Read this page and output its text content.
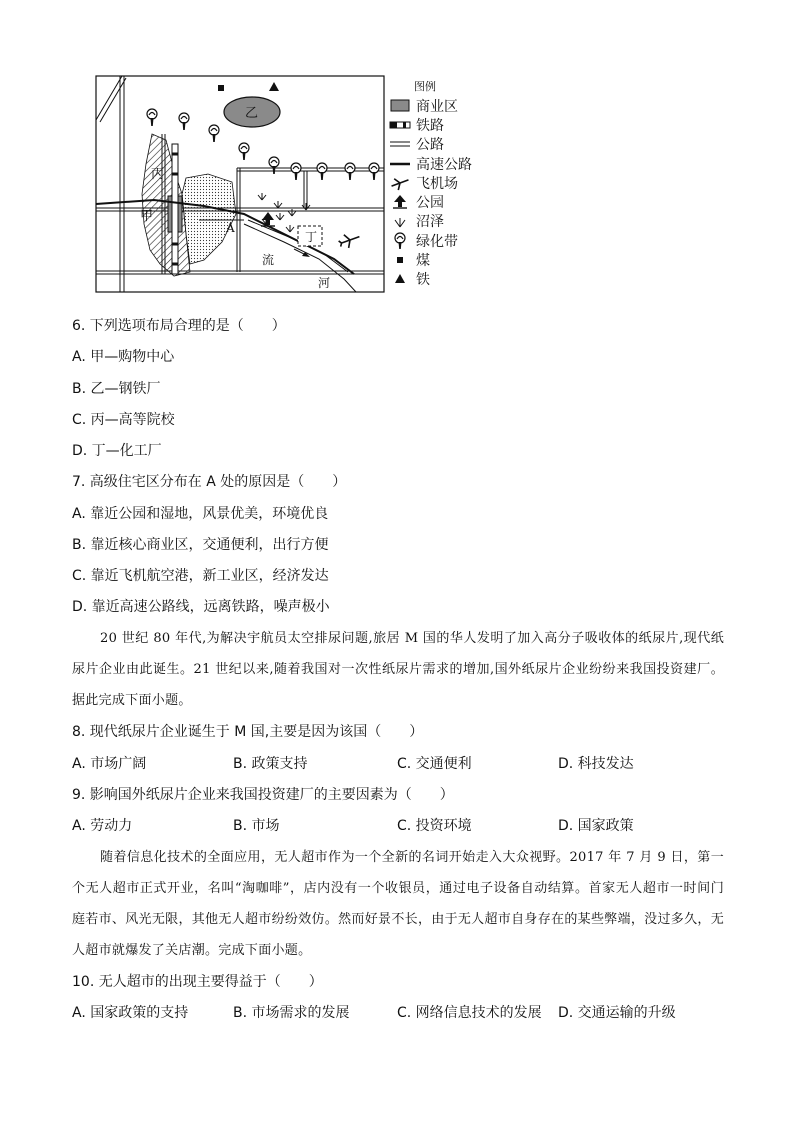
乙
丙
甲
A
丁
流
河
图例
商业区
铁路
公路
高速公路
飞机场
公园
沼泽
绿化带
煤
铁
6. 下列选项布局合理的是（　　）
A. 甲—购物中心
B. 乙—钢铁厂
C. 丙—高等院校
D. 丁—化工厂
7. 高级住宅区分布在 A 处的原因是（　　）
A. 靠近公园和湿地，风景优美，环境优良
B. 靠近核心商业区，交通便利，出行方便
C. 靠近飞机航空港，新工业区，经济发达
D. 靠近高速公路线，远离铁路，噪声极小
20 世纪 80 年代,为解决宇航员太空排尿问题,旅居 M 国的华人发明了加入高分子吸收体的纸尿片,现代纸尿片企业由此诞生。21 世纪以来,随着我国对一次性纸尿片需求的增加,国外纸尿片企业纷纷来我国投资建厂。据此完成下面小题。
8. 现代纸尿片企业诞生于 M 国,主要是因为该国（　　）
A. 市场广阔	B. 政策支持	C. 交通便利	D. 科技发达
9. 影响国外纸尿片企业来我国投资建厂的主要因素为（　　）
A. 劳动力	B. 市场	C. 投资环境	D. 国家政策
随着信息化技术的全面应用，无人超市作为一个全新的名词开始走入大众视野。2017 年 7 月 9 日，第一个无人超市正式开业，名叫“淘咖啡”，店内没有一个收银员，通过电子设备自动结算。首家无人超市一时间门庭若市、风光无限，其他无人超市纷纷效仿。然而好景不长，由于无人超市自身存在的某些弊端，没过多久，无人超市就爆发了关店潮。完成下面小题。
10. 无人超市的出现主要得益于（　　）
A. 国家政策的支持	B. 市场需求的发展	C. 网络信息技术的发展 D. 交通运输的升级
